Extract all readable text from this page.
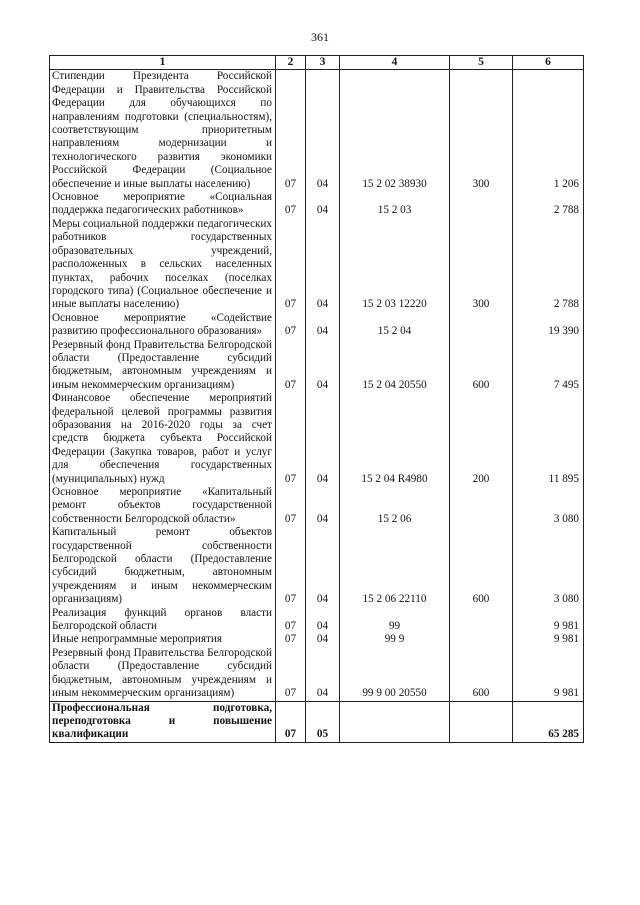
361
1	2	3	4	5	6
Стипендии Президента Российской Федерации и Правительства Российской Федерации для обучающихся по направлениям подготовки (специальностям), соответствующим приоритетным направлениям модернизации и технологического развития экономики Российской Федерации (Социальное обеспечение и иные выплаты населению)	07	04	15 2 02 38930	300	1 206
Основное мероприятие «Социальная поддержка педагогических работников»	07	04	15 2 03		2 788
Меры социальной поддержки педагогических работников государственных образовательных учреждений, расположенных в сельских населенных пунктах, рабочих поселках (поселках городского типа) (Социальное обеспечение и иные выплаты населению)	07	04	15 2 03 12220	300	2 788
Основное мероприятие «Содействие развитию профессионального образования»	07	04	15 2 04		19 390
Резервный фонд Правительства Белгородской области (Предоставление субсидий бюджетным, автономным учреждениям и иным некоммерческим организациям)	07	04	15 2 04 20550	600	7 495
Финансовое обеспечение мероприятий федеральной целевой программы развития образования на 2016-2020 годы за счет средств бюджета субъекта Российской Федерации (Закупка товаров, работ и услуг для обеспечения государственных (муниципальных) нужд	07	04	15 2 04 R4980	200	11 895
Основное мероприятие «Капитальный ремонт объектов государственной собственности Белгородской области»	07	04	15 2 06		3 080
Капитальный ремонт объектов государственной собственности Белгородской области (Предоставление субсидий бюджетным, автономным учреждениям и иным некоммерческим организациям)	07	04	15 2 06 22110	600	3 080
Реализация функций органов власти Белгородской области	07	04	99		9 981
Иные непрограммные мероприятия	07	04	99 9		9 981
Резервный фонд Правительства Белгородской области (Предоставление субсидий бюджетным, автономным учреждениям и иным некоммерческим организациям)	07	04	99 9 00 20550	600	9 981
Профессиональная подготовка, переподготовка и повышение квалификации	07	05			65 285
